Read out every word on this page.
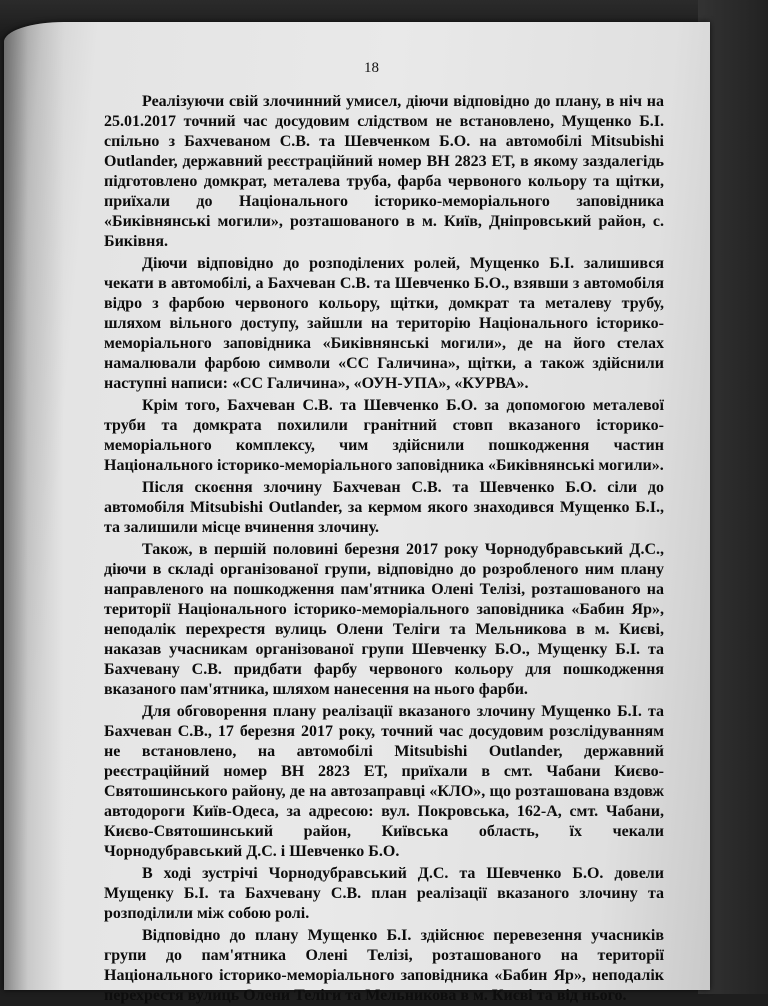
18

Реалізуючи свій злочинний умисел, діючи відповідно до плану, в ніч на 25.01.2017 точний час досудовим слідством не встановлено, Мущенко Б.І. спільно з Бахчеваном С.В. та Шевченком Б.О. на автомобілі Mitsubishi Outlander, державний реєстраційний номер ВН 2823 ЕТ, в якому заздалегідь підготовлено домкрат, металева труба, фарба червоного кольору та щітки, приїхали до Національного історико-меморіального заповідника «Биківнянські могили», розташованого в м. Київ, Дніпровський район, с. Биківня.

Діючи відповідно до розподілених ролей, Мущенко Б.І. залишився чекати в автомобілі, а Бахчеван С.В. та Шевченко Б.О., взявши з автомобіля відро з фарбою червоного кольору, щітки, домкрат та металеву трубу, шляхом вільного доступу, зайшли на територію Національного історико-меморіального заповідника «Биківнянські могили», де на його стелах намалювали фарбою символи «СС Галичина», щітки, а також здійснили наступні написи: «СС Галичина», «ОУН-УПА», «КУРВА».

Крім того, Бахчеван С.В. та Шевченко Б.О. за допомогою металевої труби та домкрата похилили гранітний стовп вказаного історико-меморіального комплексу, чим здійснили пошкодження частин Національного історико-меморіального заповідника «Биківнянські могили».

Після скоєння злочину Бахчеван С.В. та Шевченко Б.О. сіли до автомобіля Mitsubishi Outlander, за кермом якого знаходився Мущенко Б.І., та залишили місце вчинення злочину.

Також, в першій половині березня 2017 року Чорнодубравський Д.С., діючи в складі організованої групи, відповідно до розробленого ним плану направленого на пошкодження пам'ятника Олені Телізі, розташованого на території Національного історико-меморіального заповідника «Бабин Яр», неподалік перехрестя вулиць Олени Теліги та Мельникова в м. Києві, наказав учасникам організованої групи Шевченку Б.О., Мущенку Б.І. та Бахчевану С.В. придбати фарбу червоного кольору для пошкодження вказаного пам'ятника, шляхом нанесення на нього фарби.

Для обговорення плану реалізації вказаного злочину Мущенко Б.І. та Бахчеван С.В., 17 березня 2017 року, точний час досудовим розслідуванням не встановлено, на автомобілі Mitsubishi Outlander, державний реєстраційний номер ВН 2823 ЕТ, приїхали в смт. Чабани Києво-Святошинського району, де на автозаправці «КЛО», що розташована вздовж автодороги Київ-Одеса, за адресою: вул. Покровська, 162-А, смт. Чабани, Києво-Святошинський район, Київська область, їх чекали Чорнодубравський Д.С. і Шевченко Б.О.

В ході зустрічі Чорнодубравський Д.С. та Шевченко Б.О. довели Мущенку Б.І. та Бахчевану С.В. план реалізації вказаного злочину та розподілили між собою ролі.

Відповідно до плану Мущенко Б.І. здійснює перевезення учасників групи до пам'ятника Олені Телізі, розташованого на території Національного історико-меморіального заповідника «Бабин Яр», неподалік перехрестя вулиць Олени Теліги та Мельникова в м. Києві та від нього.
